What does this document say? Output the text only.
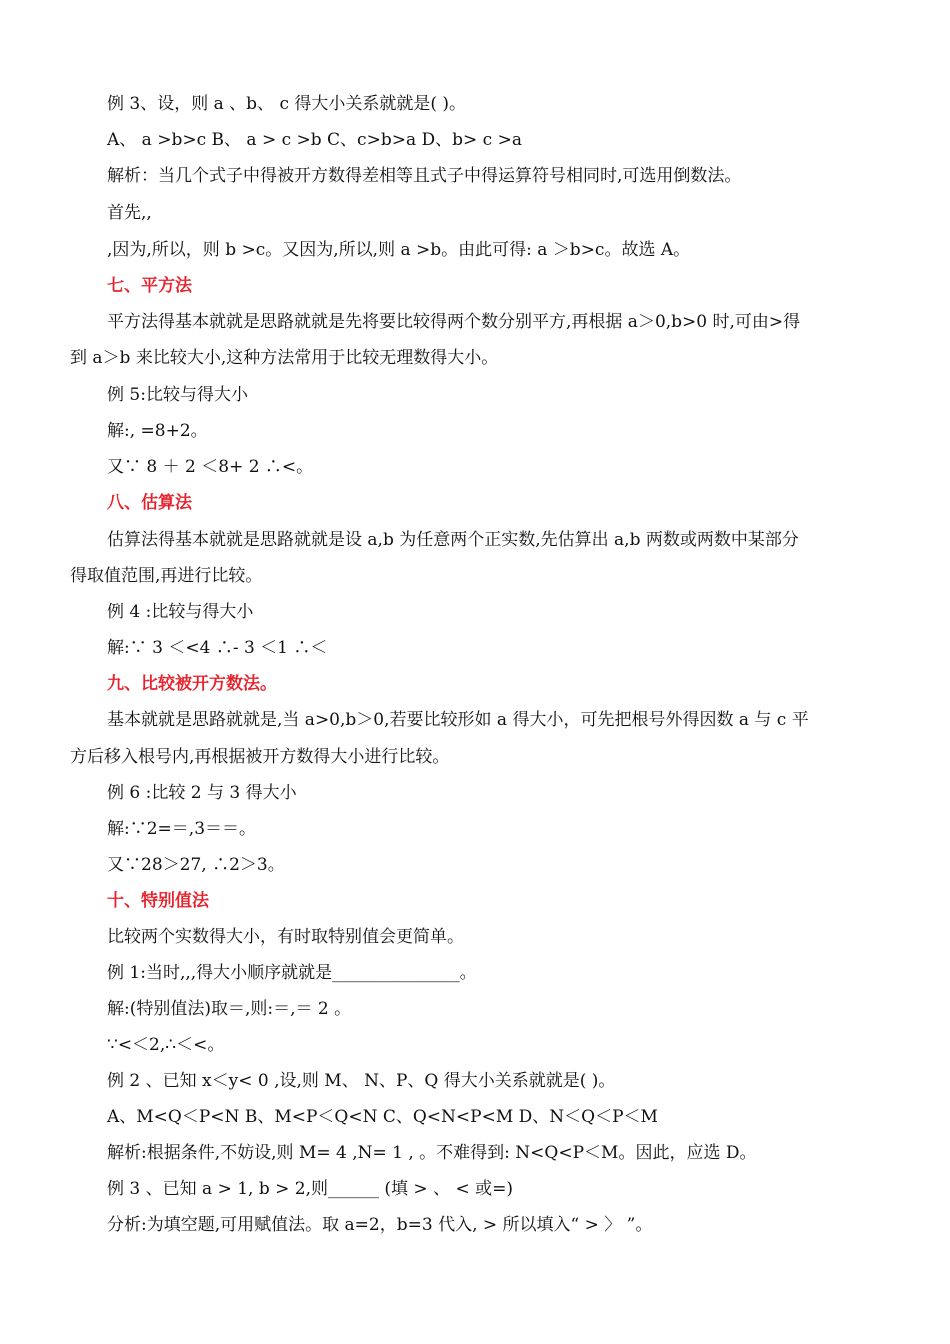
例 3、设，则 a 、b、 c 得大小关系就就是( )。
A、 a >b>c B、 a > c >b C、c>b>a D、b> c >a
解析：当几个式子中得被开方数得差相等且式子中得运算符号相同时,可选用倒数法。
首先,,
,因为,所以，则 b >c。又因为,所以,则 a >b。由此可得: a ＞b>c。故选 A。
七、平方法
平方法得基本就就是思路就就是先将要比较得两个数分别平方,再根据 a＞0,b>0 时,可由>得
到 a＞b 来比较大小,这种方法常用于比较无理数得大小。
例 5:比较与得大小
解:, =8+2。
又∵ 8 ＋ 2 ＜8+ 2 ∴<。
八、估算法
估算法得基本就就是思路就就是设 a,b 为任意两个正实数,先估算出 a,b 两数或两数中某部分
得取值范围,再进行比较。
例 4 :比较与得大小
解:∵ 3 ＜<4 ∴- 3 ＜1 ∴＜
九、比较被开方数法。
基本就就是思路就就是,当 a>0,b＞0,若要比较形如 a 得大小，可先把根号外得因数 a 与 c 平
方后移入根号内,再根据被开方数得大小进行比较。
例 6 :比较 2 与 3 得大小
解:∵2=＝,3＝＝。
又∵28＞27, ∴2＞3。
十、特别值法
比较两个实数得大小，有时取特别值会更简单。
例 1:当时,,,得大小顺序就就是_______________。
解:(特别值法)取＝,则:＝,＝ 2 。
∵<＜2,∴＜<。
例 2 、已知 x＜y< 0 ,设,则 M、 N、P、Q 得大小关系就就是( )。
A、M<Q＜P<N B、M<P＜Q<N C、Q<N<P<M D、N＜Q＜P＜M
解析:根据条件,不妨设,则 M= 4 ,N= 1 , 。不难得到: N<Q<P＜M。因此，应选 D。
例 3 、已知 a > 1, b > 2,则______ (填 > 、 < 或=)
分析:为填空题,可用赋值法。取 a=2，b=3 代入, > 所以填入“ > 〉 ”。
